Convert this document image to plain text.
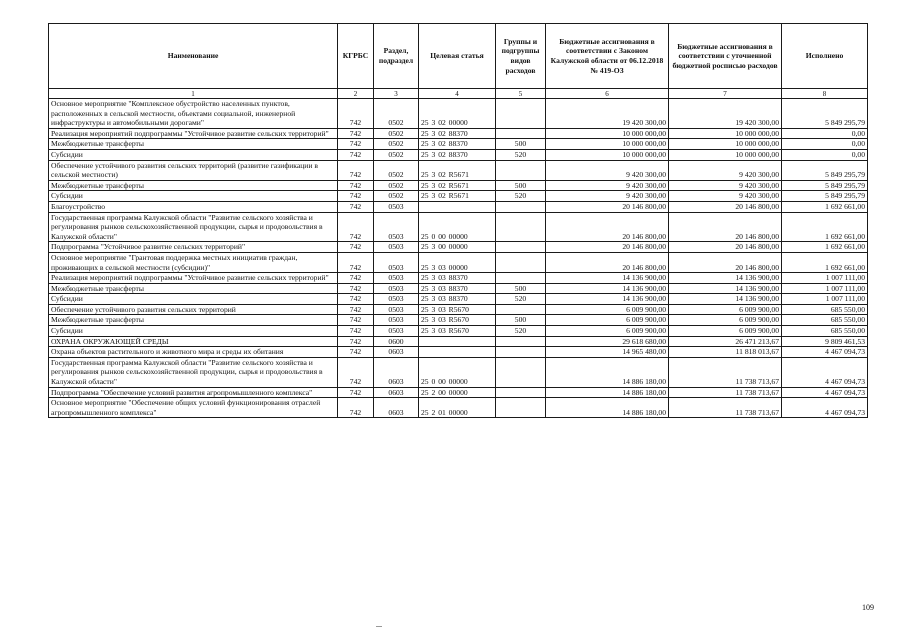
Наименование	КГРБС	Раздел, подраздел	Целевая статья	Группы и подгруппы видов расходов	Бюджетные ассигнования в соответствии с Законом Калужской области от 06.12.2018 № 419-ОЗ	Бюджетные ассигнования в соответствии с уточненной бюджетной росписью расходов	Исполнено
1	2	3	4	5	6	7	8
Основное мероприятие "Комплексное обустройство населенных пунктов, расположенных в сельской местности, объектами социальной, инженерной инфраструктуры и автомобильными дорогами"	742	0502	25 3 02 00000		19 420 300,00	19 420 300,00	5 849 295,79
Реализация мероприятий подпрограммы "Устойчивое развитие сельских территорий"	742	0502	25 3 02 88370		10 000 000,00	10 000 000,00	0,00
Межбюджетные трансферты	742	0502	25 3 02 88370	500	10 000 000,00	10 000 000,00	0,00
Субсидии	742	0502	25 3 02 88370	520	10 000 000,00	10 000 000,00	0,00
Обеспечение устойчивого развития сельских территорий (развитие газификации в сельской местности)	742	0502	25 3 02 R5671		9 420 300,00	9 420 300,00	5 849 295,79
Межбюджетные трансферты	742	0502	25 3 02 R5671	500	9 420 300,00	9 420 300,00	5 849 295,79
Субсидии	742	0502	25 3 02 R5671	520	9 420 300,00	9 420 300,00	5 849 295,79
Благоустройство	742	0503			20 146 800,00	20 146 800,00	1 692 661,00
Государственная программа Калужской области "Развитие сельского хозяйства и регулирования рынков сельскохозяйственной продукции, сырья и продовольствия в Калужской области"	742	0503	25 0 00 00000		20 146 800,00	20 146 800,00	1 692 661,00
Подпрограмма "Устойчивое развитие сельских территорий"	742	0503	25 3 00 00000		20 146 800,00	20 146 800,00	1 692 661,00
Основное мероприятие "Грантовая поддержка местных инициатив граждан, проживающих в сельской местности (субсидии)"	742	0503	25 3 03 00000		20 146 800,00	20 146 800,00	1 692 661,00
Реализация мероприятий подпрограммы "Устойчивое развитие сельских территорий"	742	0503	25 3 03 88370		14 136 900,00	14 136 900,00	1 007 111,00
Межбюджетные трансферты	742	0503	25 3 03 88370	500	14 136 900,00	14 136 900,00	1 007 111,00
Субсидии	742	0503	25 3 03 88370	520	14 136 900,00	14 136 900,00	1 007 111,00
Обеспечение устойчивого развития сельских территорий	742	0503	25 3 03 R5670		6 009 900,00	6 009 900,00	685 550,00
Межбюджетные трансферты	742	0503	25 3 03 R5670	500	6 009 900,00	6 009 900,00	685 550,00
Субсидии	742	0503	25 3 03 R5670	520	6 009 900,00	6 009 900,00	685 550,00
ОХРАНА ОКРУЖАЮЩЕЙ СРЕДЫ	742	0600			29 618 680,00	26 471 213,67	9 809 461,53
Охрана объектов растительного и животного мира и среды их обитания	742	0603			14 965 480,00	11 818 013,67	4 467 094,73
Государственная программа Калужской области "Развитие сельского хозяйства и регулирования рынков сельскохозяйственной продукции, сырья и продовольствия в Калужской области"	742	0603	25 0 00 00000		14 886 180,00	11 738 713,67	4 467 094,73
Подпрограмма "Обеспечение условий развития агропромышленного комплекса"	742	0603	25 2 00 00000		14 886 180,00	11 738 713,67	4 467 094,73
Основное мероприятие "Обеспечение общих условий функционирования отраслей агропромышленного комплекса"	742	0603	25 2 01 00000		14 886 180,00	11 738 713,67	4 467 094,73
109
